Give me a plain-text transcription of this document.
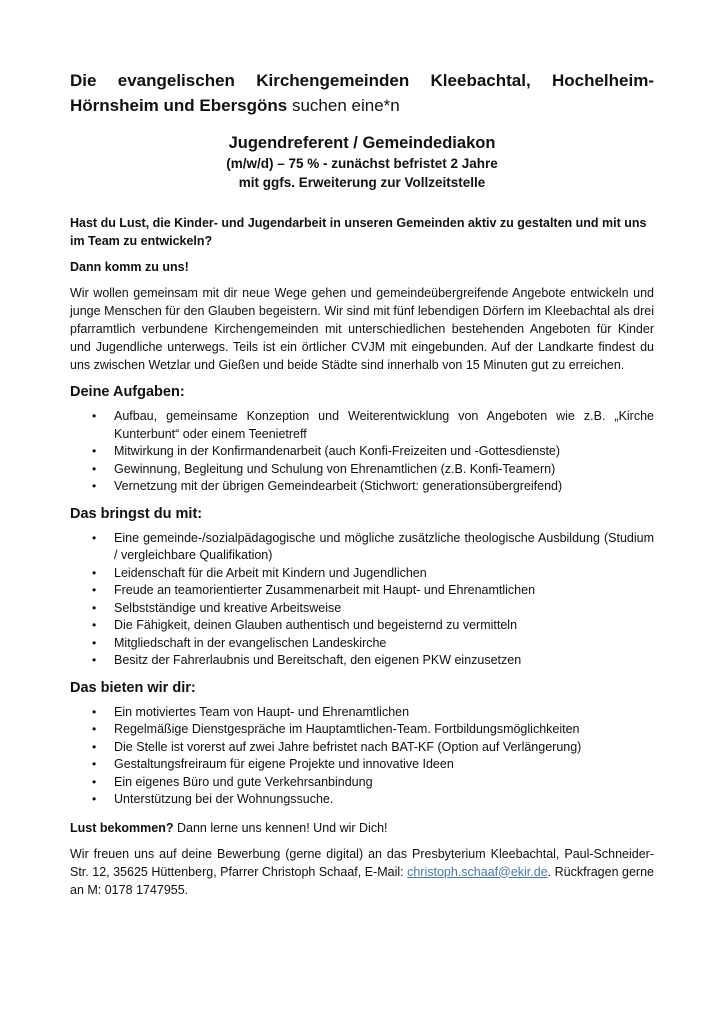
Die evangelischen Kirchengemeinden Kleebachtal, Hochelheim-Hörnsheim und Ebersgöns suchen eine*n

Jugendreferent / Gemeindediakon

(m/w/d) – 75 % - zunächst befristet 2 Jahre

mit ggfs. Erweiterung zur Vollzeitstelle

Hast du Lust, die Kinder- und Jugendarbeit in unseren Gemeinden aktiv zu gestalten und mit uns im Team zu entwickeln?

Dann komm zu uns!

Wir wollen gemeinsam mit dir neue Wege gehen und gemeindeübergreifende Angebote entwickeln und junge Menschen für den Glauben begeistern. Wir sind mit fünf lebendigen Dörfern im Kleebachtal als drei pfarramtlich verbundene Kirchengemeinden mit unterschiedlichen bestehenden Angeboten für Kinder und Jugendliche unterwegs. Teils ist ein örtlicher CVJM mit eingebunden. Auf der Landkarte findest du uns zwischen Wetzlar und Gießen und beide Städte sind innerhalb von 15 Minuten gut zu erreichen.

Deine Aufgaben:

• Aufbau, gemeinsame Konzeption und Weiterentwicklung von Angeboten wie z.B. „Kirche Kunterbunt“ oder einem Teenietreff
• Mitwirkung in der Konfirmandenarbeit (auch Konfi-Freizeiten und -Gottesdienste)
• Gewinnung, Begleitung und Schulung von Ehrenamtlichen (z.B. Konfi-Teamern)
• Vernetzung mit der übrigen Gemeindearbeit (Stichwort: generationsübergreifend)

Das bringst du mit:

• Eine gemeinde-/sozialpädagogische und mögliche zusätzliche theologische Ausbildung (Studium / vergleichbare Qualifikation)
• Leidenschaft für die Arbeit mit Kindern und Jugendlichen
• Freude an teamorientierter Zusammenarbeit mit Haupt- und Ehrenamtlichen
• Selbstständige und kreative Arbeitsweise
• Die Fähigkeit, deinen Glauben authentisch und begeisternd zu vermitteln
• Mitgliedschaft in der evangelischen Landeskirche
• Besitz der Fahrerlaubnis und Bereitschaft, den eigenen PKW einzusetzen

Das bieten wir dir:

• Ein motiviertes Team von Haupt- und Ehrenamtlichen
• Regelmäßige Dienstgespräche im Hauptamtlichen-Team. Fortbildungsmöglichkeiten
• Die Stelle ist vorerst auf zwei Jahre befristet nach BAT-KF (Option auf Verlängerung)
• Gestaltungsfreiraum für eigene Projekte und innovative Ideen
• Ein eigenes Büro und gute Verkehrsanbindung
• Unterstützung bei der Wohnungssuche.

Lust bekommen? Dann lerne uns kennen! Und wir Dich!

Wir freuen uns auf deine Bewerbung (gerne digital) an das Presbyterium Kleebachtal, Paul-Schneider-Str. 12, 35625 Hüttenberg, Pfarrer Christoph Schaaf, E-Mail: christoph.schaaf@ekir.de. Rückfragen gerne an M: 0178 1747955.
